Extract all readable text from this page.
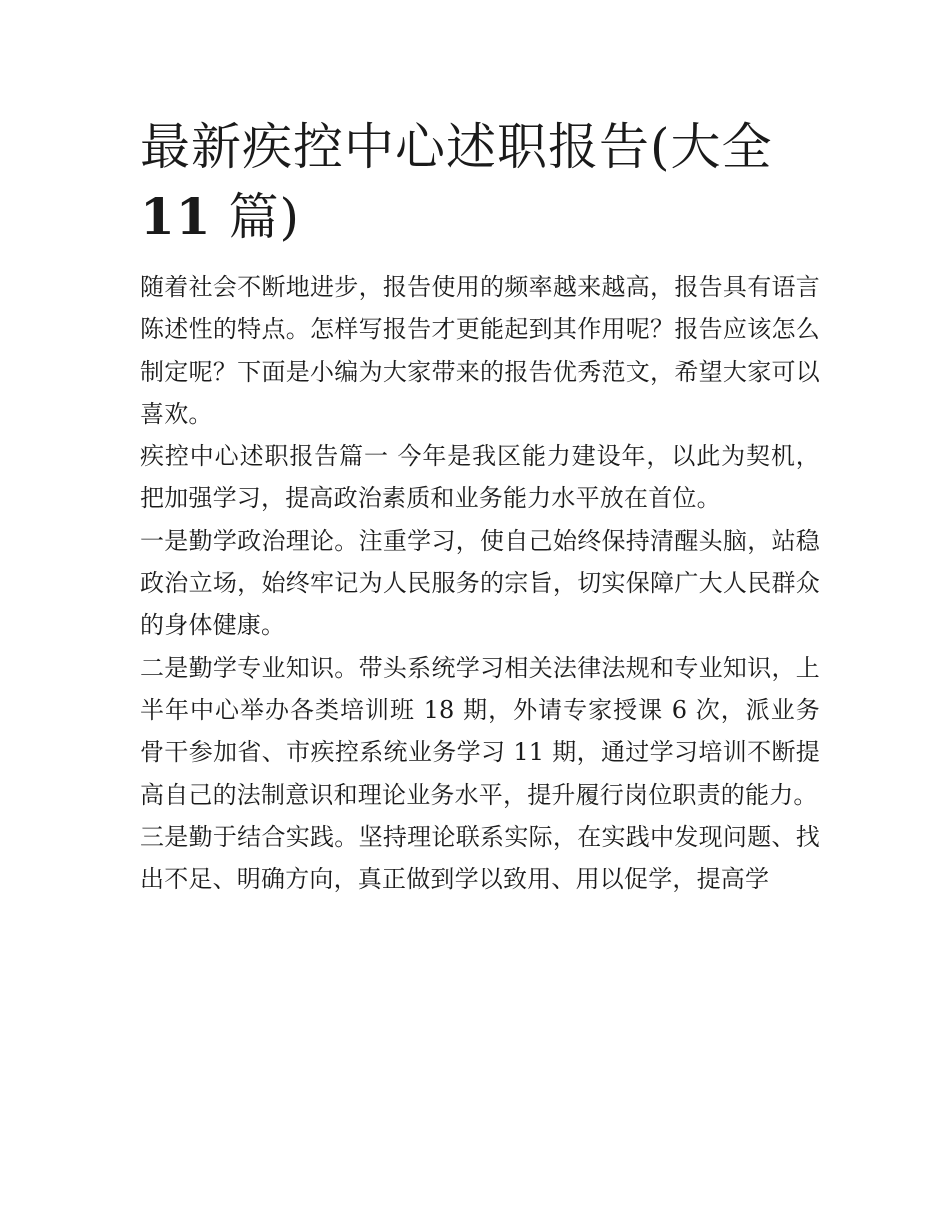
最新疾控中心述职报告(大全
11 篇)

随着社会不断地进步，报告使用的频率越来越高，报告具有语言陈述性的特点。怎样写报告才更能起到其作用呢？报告应该怎么制定呢？下面是小编为大家带来的报告优秀范文，希望大家可以喜欢。

疾控中心述职报告篇一 今年是我区能力建设年，以此为契机，把加强学习，提高政治素质和业务能力水平放在首位。

一是勤学政治理论。注重学习，使自己始终保持清醒头脑，站稳政治立场，始终牢记为人民服务的宗旨，切实保障广大人民群众的身体健康。

二是勤学专业知识。带头系统学习相关法律法规和专业知识，上半年中心举办各类培训班 18 期，外请专家授课 6 次，派业务骨干参加省、市疾控系统业务学习 11 期，通过学习培训不断提高自己的法制意识和理论业务水平，提升履行岗位职责的能力。

三是勤于结合实践。坚持理论联系实际，在实践中发现问题、找出不足、明确方向，真正做到学以致用、用以促学，提高学
